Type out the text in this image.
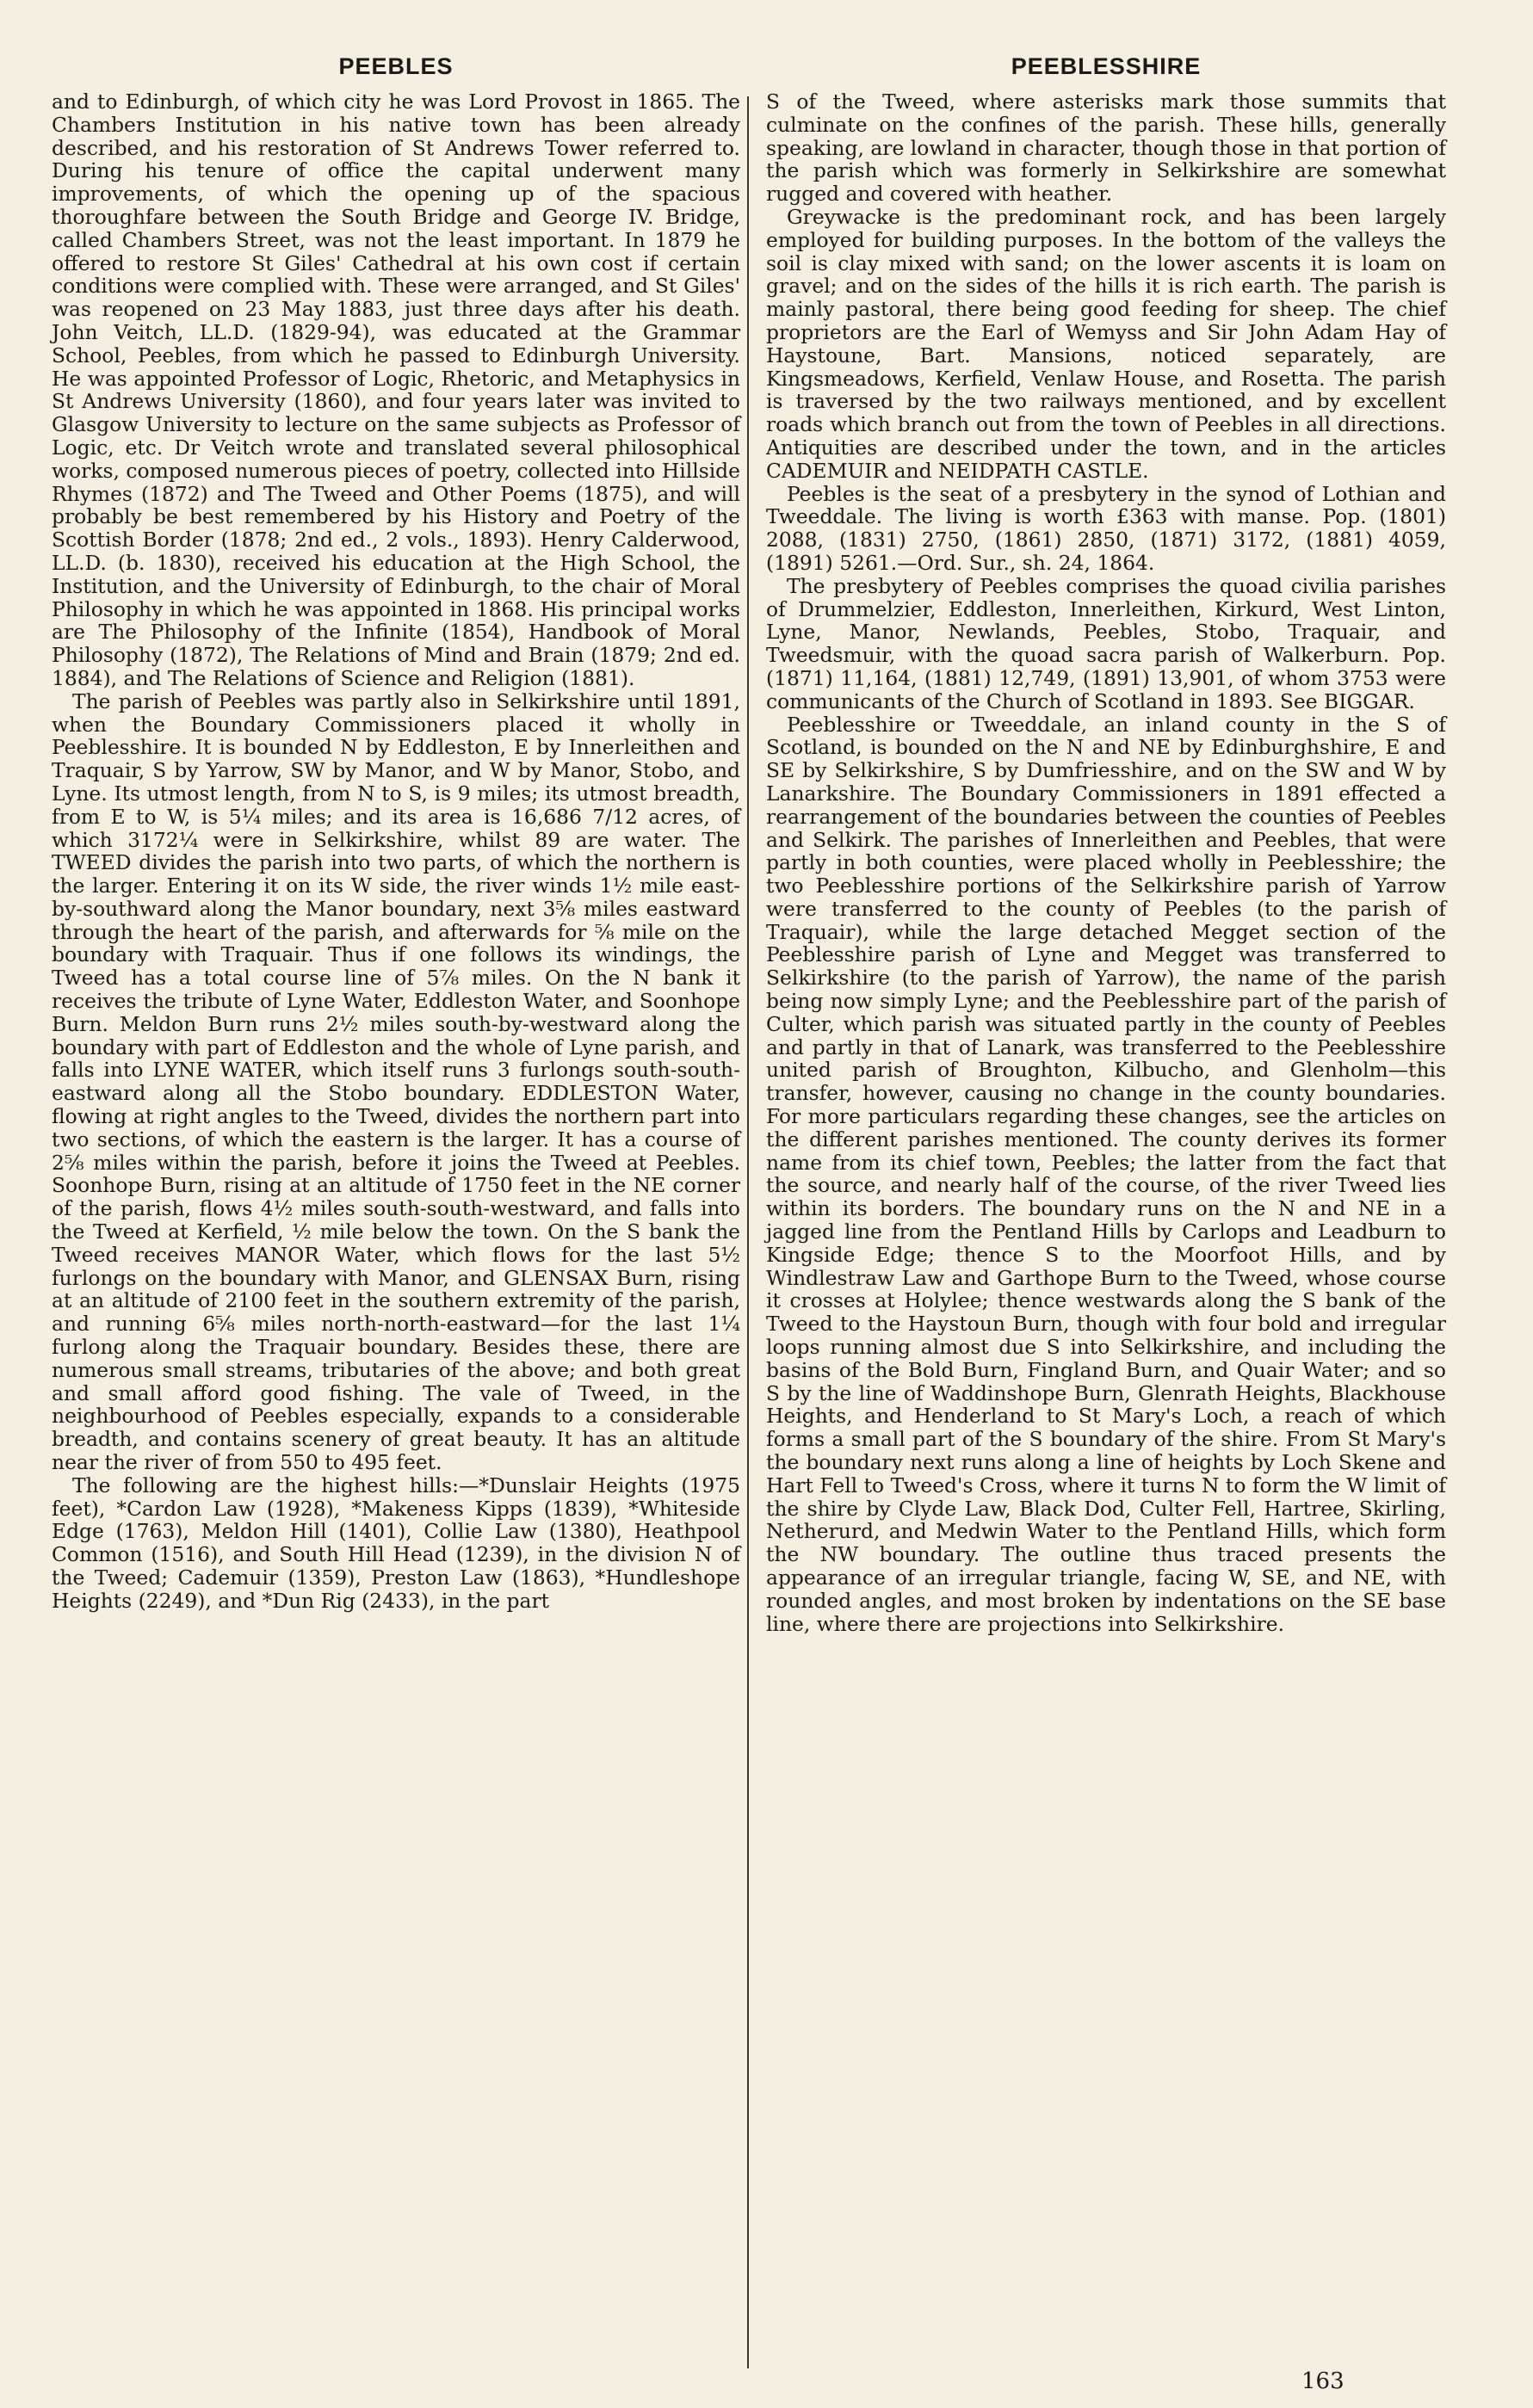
PEEBLES

and to Edinburgh, of which city he was Lord Provost in 1865. The Chambers Institution in his native town has been already described, and his restoration of St Andrews Tower referred to. During his tenure of office the capital underwent many improvements, of which the opening up of the spacious thoroughfare between the South Bridge and George IV. Bridge, called Chambers Street, was not the least important. In 1879 he offered to restore St Giles' Cathedral at his own cost if certain conditions were complied with. These were arranged, and St Giles' was reopened on 23 May 1883, just three days after his death. John Veitch, LL.D. (1829-94), was educated at the Grammar School, Peebles, from which he passed to Edinburgh University. He was appointed Professor of Logic, Rhetoric, and Metaphysics in St Andrews University (1860), and four years later was invited to Glasgow University to lecture on the same subjects as Professor of Logic, etc. Dr Veitch wrote and translated several philosophical works, composed numerous pieces of poetry, collected into Hillside Rhymes (1872) and The Tweed and Other Poems (1875), and will probably be best remembered by his History and Poetry of the Scottish Border (1878; 2nd ed., 2 vols., 1893). Henry Calderwood, LL.D. (b. 1830), received his education at the High School, the Institution, and the University of Edinburgh, to the chair of Moral Philosophy in which he was appointed in 1868. His principal works are The Philosophy of the Infinite (1854), Handbook of Moral Philosophy (1872), The Relations of Mind and Brain (1879; 2nd ed. 1884), and The Relations of Science and Religion (1881).

The parish of Peebles was partly also in Selkirkshire until 1891, when the Boundary Commissioners placed it wholly in Peeblesshire. It is bounded N by Eddleston, E by Innerleithen and Traquair, S by Yarrow, SW by Manor, and W by Manor, Stobo, and Lyne. Its utmost length, from N to S, is 9 miles; its utmost breadth, from E to W, is 5¼ miles; and its area is 16,686 7/12 acres, of which 3172¼ were in Selkirkshire, whilst 89 are water. The TWEED divides the parish into two parts, of which the northern is the larger. Entering it on its W side, the river winds 1½ mile east-by-southward along the Manor boundary, next 3⅝ miles eastward through the heart of the parish, and afterwards for ⅝ mile on the boundary with Traquair. Thus if one follows its windings, the Tweed has a total course line of 5⅞ miles. On the N bank it receives the tribute of Lyne Water, Eddleston Water, and Soonhope Burn. Meldon Burn runs 2½ miles south-by-westward along the boundary with part of Eddleston and the whole of Lyne parish, and falls into LYNE WATER, which itself runs 3 furlongs south-south-eastward along all the Stobo boundary. EDDLESTON Water, flowing at right angles to the Tweed, divides the northern part into two sections, of which the eastern is the larger. It has a course of 2⅝ miles within the parish, before it joins the Tweed at Peebles. Soonhope Burn, rising at an altitude of 1750 feet in the NE corner of the parish, flows 4½ miles south-south-westward, and falls into the Tweed at Kerfield, ½ mile below the town. On the S bank the Tweed receives MANOR Water, which flows for the last 5½ furlongs on the boundary with Manor, and GLENSAX Burn, rising at an altitude of 2100 feet in the southern extremity of the parish, and running 6⅝ miles north-north-eastward—for the last 1¼ furlong along the Traquair boundary. Besides these, there are numerous small streams, tributaries of the above; and both great and small afford good fishing. The vale of Tweed, in the neighbourhood of Peebles especially, expands to a considerable breadth, and contains scenery of great beauty. It has an altitude near the river of from 550 to 495 feet.

The following are the highest hills:—*Dunslair Heights (1975 feet), *Cardon Law (1928), *Makeness Kipps (1839), *Whiteside Edge (1763), Meldon Hill (1401), Collie Law (1380), Heathpool Common (1516), and South Hill Head (1239), in the division N of the Tweed; Cademuir (1359), Preston Law (1863), *Hundleshope Heights (2249), and *Dun Rig (2433), in the part

PEEBLESSHIRE

S of the Tweed, where asterisks mark those summits that culminate on the confines of the parish. These hills, generally speaking, are lowland in character, though those in that portion of the parish which was formerly in Selkirkshire are somewhat rugged and covered with heather.

Greywacke is the predominant rock, and has been largely employed for building purposes. In the bottom of the valleys the soil is clay mixed with sand; on the lower ascents it is loam on gravel; and on the sides of the hills it is rich earth. The parish is mainly pastoral, there being good feeding for sheep. The chief proprietors are the Earl of Wemyss and Sir John Adam Hay of Haystoune, Bart. Mansions, noticed separately, are Kingsmeadows, Kerfield, Venlaw House, and Rosetta. The parish is traversed by the two railways mentioned, and by excellent roads which branch out from the town of Peebles in all directions. Antiquities are described under the town, and in the articles CADEMUIR and NEIDPATH CASTLE.

Peebles is the seat of a presbytery in the synod of Lothian and Tweeddale. The living is worth £363 with manse. Pop. (1801) 2088, (1831) 2750, (1861) 2850, (1871) 3172, (1881) 4059, (1891) 5261.—Ord. Sur., sh. 24, 1864.

The presbytery of Peebles comprises the quoad civilia parishes of Drummelzier, Eddleston, Innerleithen, Kirkurd, West Linton, Lyne, Manor, Newlands, Peebles, Stobo, Traquair, and Tweedsmuir, with the quoad sacra parish of Walkerburn. Pop. (1871) 11,164, (1881) 12,749, (1891) 13,901, of whom 3753 were communicants of the Church of Scotland in 1893. See BIGGAR.

Peeblesshire or Tweeddale, an inland county in the S of Scotland, is bounded on the N and NE by Edinburghshire, E and SE by Selkirkshire, S by Dumfriesshire, and on the SW and W by Lanarkshire. The Boundary Commissioners in 1891 effected a rearrangement of the boundaries between the counties of Peebles and Selkirk. The parishes of Innerleithen and Peebles, that were partly in both counties, were placed wholly in Peeblesshire; the two Peeblesshire portions of the Selkirkshire parish of Yarrow were transferred to the county of Peebles (to the parish of Traquair), while the large detached Megget section of the Peeblesshire parish of Lyne and Megget was transferred to Selkirkshire (to the parish of Yarrow), the name of the parish being now simply Lyne; and the Peeblesshire part of the parish of Culter, which parish was situated partly in the county of Peebles and partly in that of Lanark, was transferred to the Peeblesshire united parish of Broughton, Kilbucho, and Glenholm—this transfer, however, causing no change in the county boundaries. For more particulars regarding these changes, see the articles on the different parishes mentioned. The county derives its former name from its chief town, Peebles; the latter from the fact that the source, and nearly half of the course, of the river Tweed lies within its borders. The boundary runs on the N and NE in a jagged line from the Pentland Hills by Carlops and Leadburn to Kingside Edge; thence S to the Moorfoot Hills, and by Windlestraw Law and Garthope Burn to the Tweed, whose course it crosses at Holylee; thence westwards along the S bank of the Tweed to the Haystoun Burn, though with four bold and irregular loops running almost due S into Selkirkshire, and including the basins of the Bold Burn, Fingland Burn, and Quair Water; and so S by the line of Waddinshope Burn, Glenrath Heights, Blackhouse Heights, and Henderland to St Mary's Loch, a reach of which forms a small part of the S boundary of the shire. From St Mary's the boundary next runs along a line of heights by Loch Skene and Hart Fell to Tweed's Cross, where it turns N to form the W limit of the shire by Clyde Law, Black Dod, Culter Fell, Hartree, Skirling, Netherurd, and Medwin Water to the Pentland Hills, which form the NW boundary. The outline thus traced presents the appearance of an irregular triangle, facing W, SE, and NE, with rounded angles, and most broken by indentations on the SE base line, where there are projections into Selkirkshire.

163
